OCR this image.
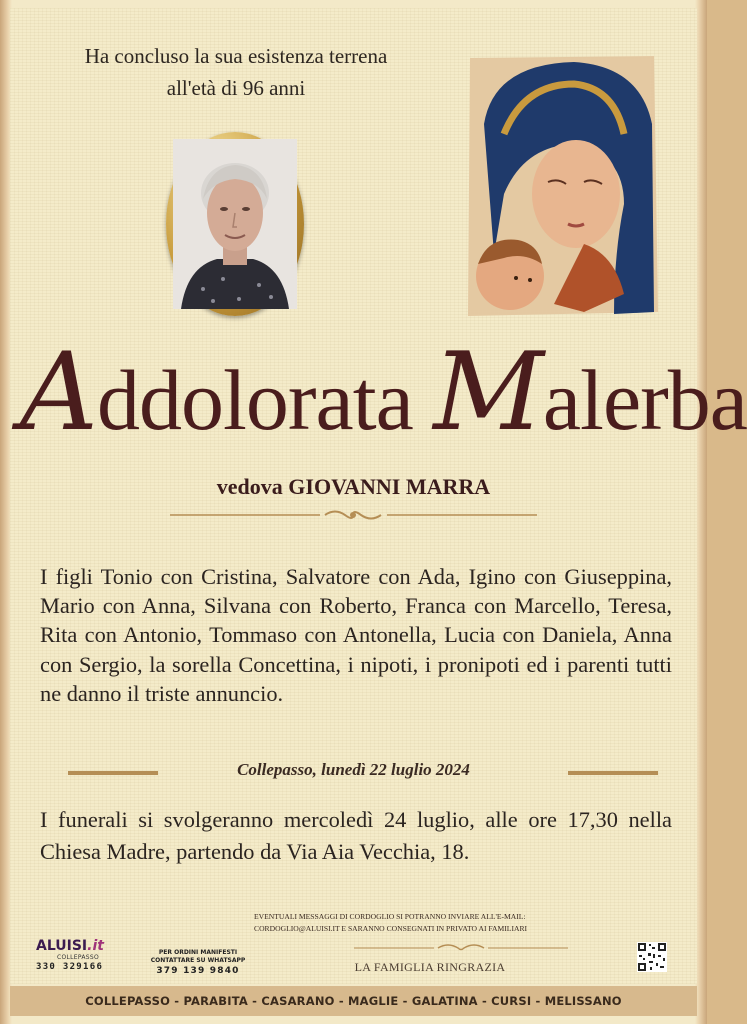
Ha concluso la sua esistenza terrena
all'età di 96 anni
Addolorata Malerba
vedova GIOVANNI MARRA
I figli Tonio con Cristina, Salvatore con Ada, Igino con Giuseppina, Mario con Anna, Silvana con Roberto, Franca con Marcello, Teresa, Rita con Antonio, Tommaso con Antonella, Lucia con Daniela, Anna con Sergio, la sorella Concettina, i nipoti, i pronipoti ed i parenti tutti ne danno il triste annuncio.
Collepasso, lunedì 22 luglio 2024
I funerali si svolgeranno mercoledì 24 luglio, alle ore 17,30 nella Chiesa Madre, partendo da Via Aia Vecchia, 18.
EVENTUALI MESSAGGI DI CORDOGLIO SI POTRANNO INVIARE ALL'E-MAIL:
CORDOGLIO@ALUISI.IT E SARANNO CONSEGNATI IN PRIVATO AI FAMILIARI
LA FAMIGLIA RINGRAZIA
ALUISI.it
COLLEPASSO
330 329166
PER ORDINI MANIFESTI
CONTATTARE SU WHATSAPP
379 139 9840
COLLEPASSO - PARABITA - CASARANO - MAGLIE - GALATINA - CURSI - MELISSANO
